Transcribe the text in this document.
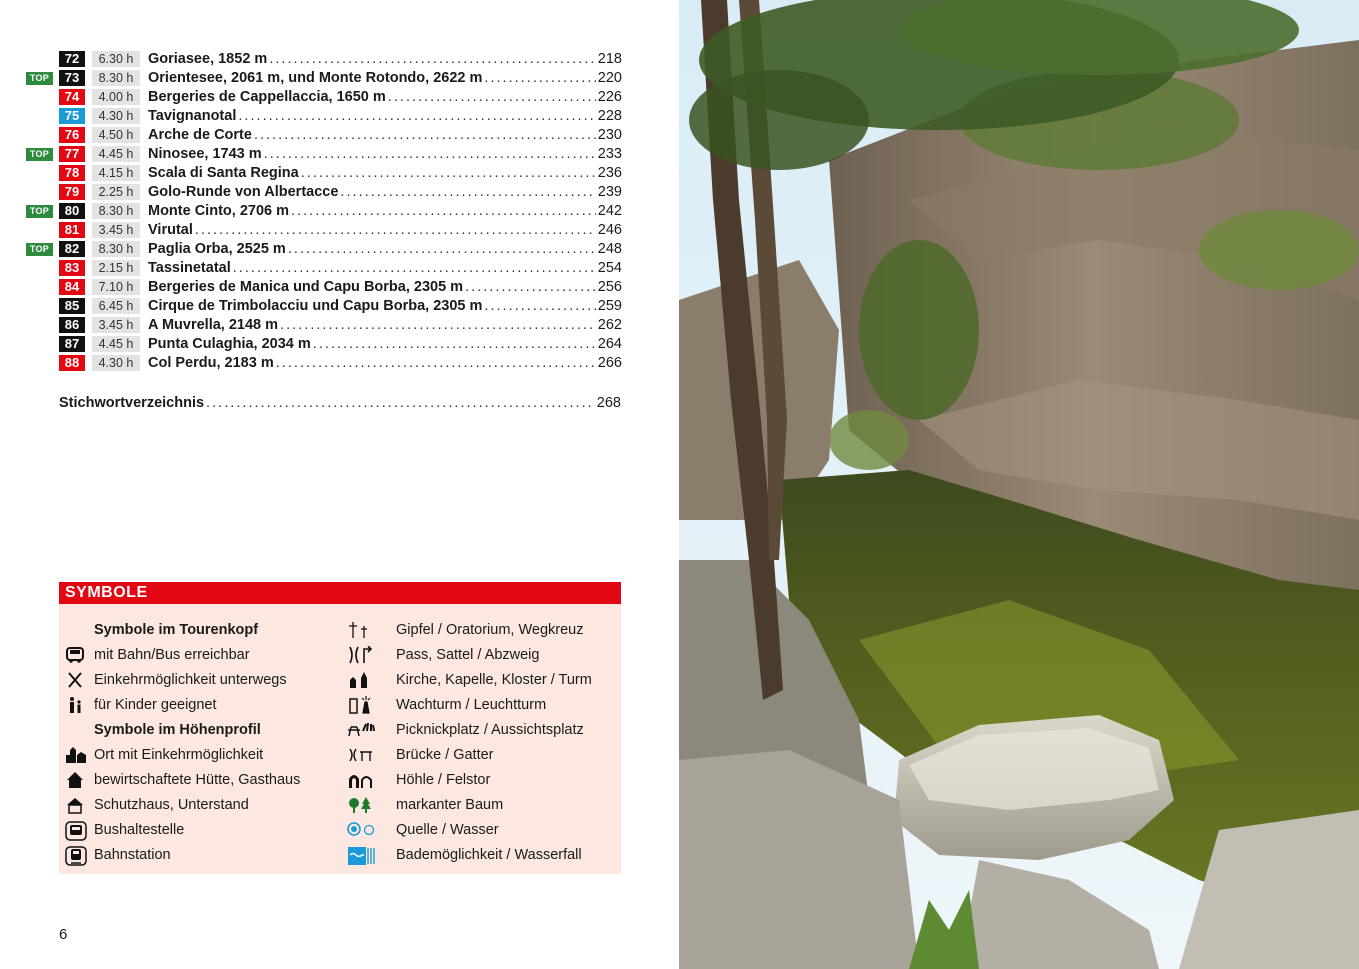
72	6.30 h	Goriasee, 1852 m . . .	218
TOP	73	8.30 h	Orientesee, 2061 m, und Monte Rotondo, 2622 m . . .	220
74	4.00 h	Bergeries de Cappellaccia, 1650 m . . .	226
75	4.30 h	Tavignanotal . . .	228
76	4.50 h	Arche de Corte . . .	230
TOP	77	4.45 h	Ninosee, 1743 m . . .	233
78	4.15 h	Scala di Santa Regina . . .	236
79	2.25 h	Golo-Runde von Albertacce . . .	239
TOP	80	8.30 h	Monte Cinto, 2706 m . . .	242
81	3.45 h	Virutal . . .	246
TOP	82	8.30 h	Paglia Orba, 2525 m . . .	248
83	2.15 h	Tassinetatal . . .	254
84	7.10 h	Bergeries de Manica und Capu Borba, 2305 m . . .	256
85	6.45 h	Cirque de Trimbolacciu und Capu Borba, 2305 m . . .	259
86	3.45 h	A Muvrella, 2148 m . . .	262
87	4.45 h	Punta Culaghia, 2034 m . . .	264
88	4.30 h	Col Perdu, 2183 m . . .	266
Stichwortverzeichnis . . .	268
SYMBOLE
Symbole im Tourenkopf
mit Bahn/Bus erreichbar
Einkehrmöglichkeit unterwegs
für Kinder geeignet
Symbole im Höhenprofil
Ort mit Einkehrmöglichkeit
bewirtschaftete Hütte, Gasthaus
Schutzhaus, Unterstand
Bushaltestelle
Bahnstation
Gipfel / Oratorium, Wegkreuz
Pass, Sattel / Abzweig
Kirche, Kapelle, Kloster / Turm
Wachturm / Leuchtturm
Picknickplatz / Aussichtsplatz
Brücke / Gatter
Höhle / Felstor
markanter Baum
Quelle / Wasser
Bademöglichkeit / Wasserfall
6
